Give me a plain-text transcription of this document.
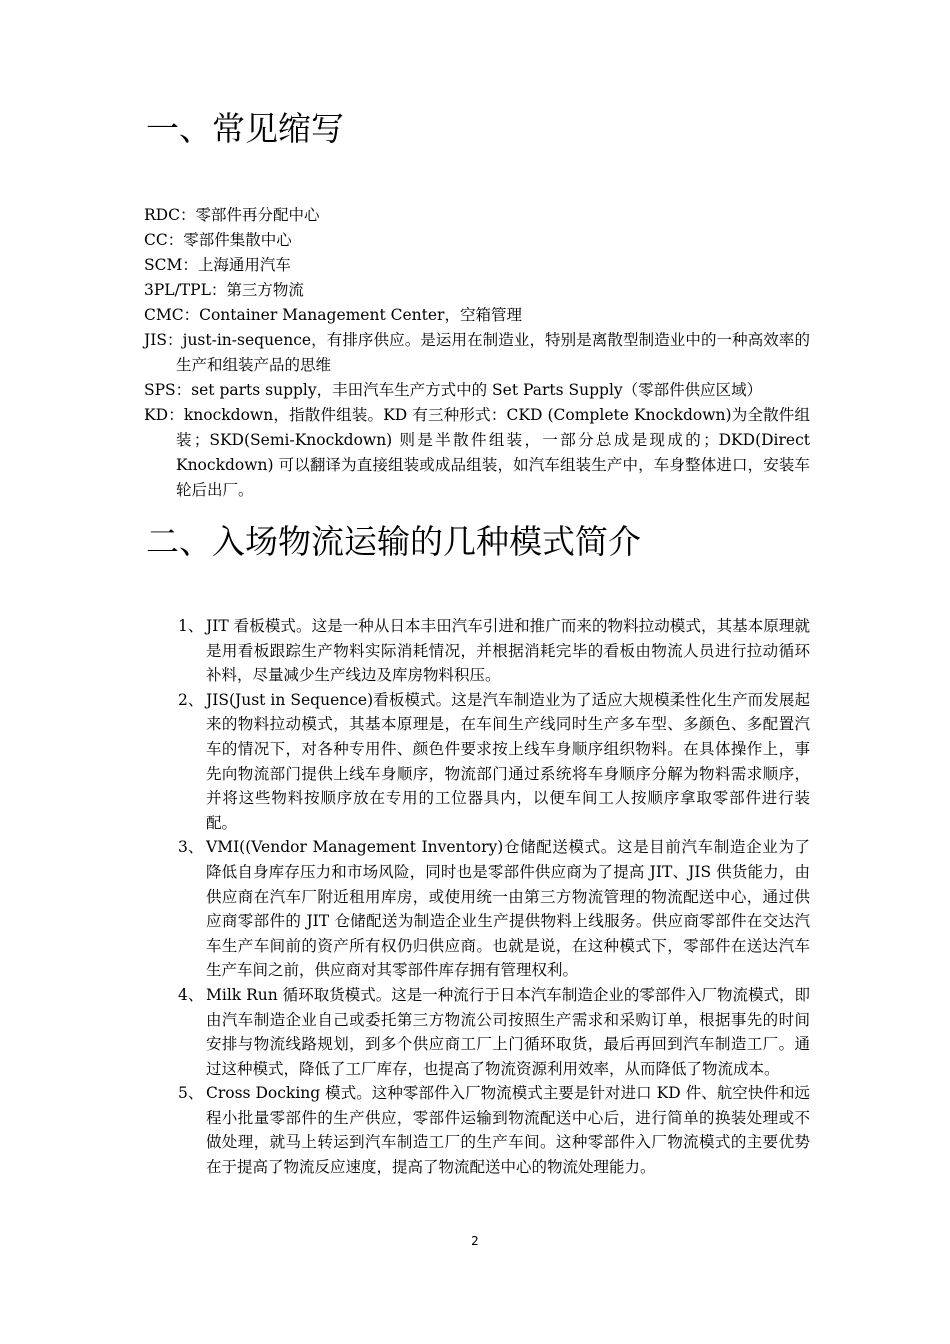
一、常见缩写
RDC：零部件再分配中心
CC：零部件集散中心
SCM：上海通用汽车
3PL/TPL：第三方物流
CMC：Container Management Center，空箱管理
JIS：just-in-sequence，有排序供应。是运用在制造业，特别是离散型制造业中的一种高效率的生产和组装产品的思维
SPS：set parts supply，丰田汽车生产方式中的 Set Parts Supply（零部件供应区域）
KD：knockdown，指散件组装。KD 有三种形式：CKD (Complete Knockdown)为全散件组装；SKD(Semi-Knockdown) 则是半散件组装，一部分总成是现成的；DKD(Direct Knockdown) 可以翻译为直接组装或成品组装，如汽车组装生产中，车身整体进口，安装车轮后出厂。
二、入场物流运输的几种模式简介
1、 JIT 看板模式。这是一种从日本丰田汽车引进和推广而来的物料拉动模式，其基本原理就是用看板跟踪生产物料实际消耗情况，并根据消耗完毕的看板由物流人员进行拉动循环补料，尽量减少生产线边及库房物料积压。
2、 JIS(Just in Sequence)看板模式。这是汽车制造业为了适应大规模柔性化生产而发展起来的物料拉动模式，其基本原理是，在车间生产线同时生产多车型、多颜色、多配置汽车的情况下，对各种专用件、颜色件要求按上线车身顺序组织物料。在具体操作上，事先向物流部门提供上线车身顺序，物流部门通过系统将车身顺序分解为物料需求顺序，并将这些物料按顺序放在专用的工位器具内，以便车间工人按顺序拿取零部件进行装配。
3、 VMI((Vendor Management Inventory)仓储配送模式。这是目前汽车制造企业为了降低自身库存压力和市场风险，同时也是零部件供应商为了提高 JIT、JIS 供货能力，由供应商在汽车厂附近租用库房，或使用统一由第三方物流管理的物流配送中心，通过供应商零部件的 JIT 仓储配送为制造企业生产提供物料上线服务。供应商零部件在交达汽车生产车间前的资产所有权仍归供应商。也就是说，在这种模式下，零部件在送达汽车生产车间之前，供应商对其零部件库存拥有管理权利。
4、 Milk Run 循环取货模式。这是一种流行于日本汽车制造企业的零部件入厂物流模式，即由汽车制造企业自己或委托第三方物流公司按照生产需求和采购订单，根据事先的时间安排与物流线路规划，到多个供应商工厂上门循环取货，最后再回到汽车制造工厂。通过这种模式，降低了工厂库存，也提高了物流资源利用效率，从而降低了物流成本。
5、 Cross Docking 模式。这种零部件入厂物流模式主要是针对进口 KD 件、航空快件和远程小批量零部件的生产供应，零部件运输到物流配送中心后，进行简单的换装处理或不做处理，就马上转运到汽车制造工厂的生产车间。这种零部件入厂物流模式的主要优势在于提高了物流反应速度，提高了物流配送中心的物流处理能力。
2
